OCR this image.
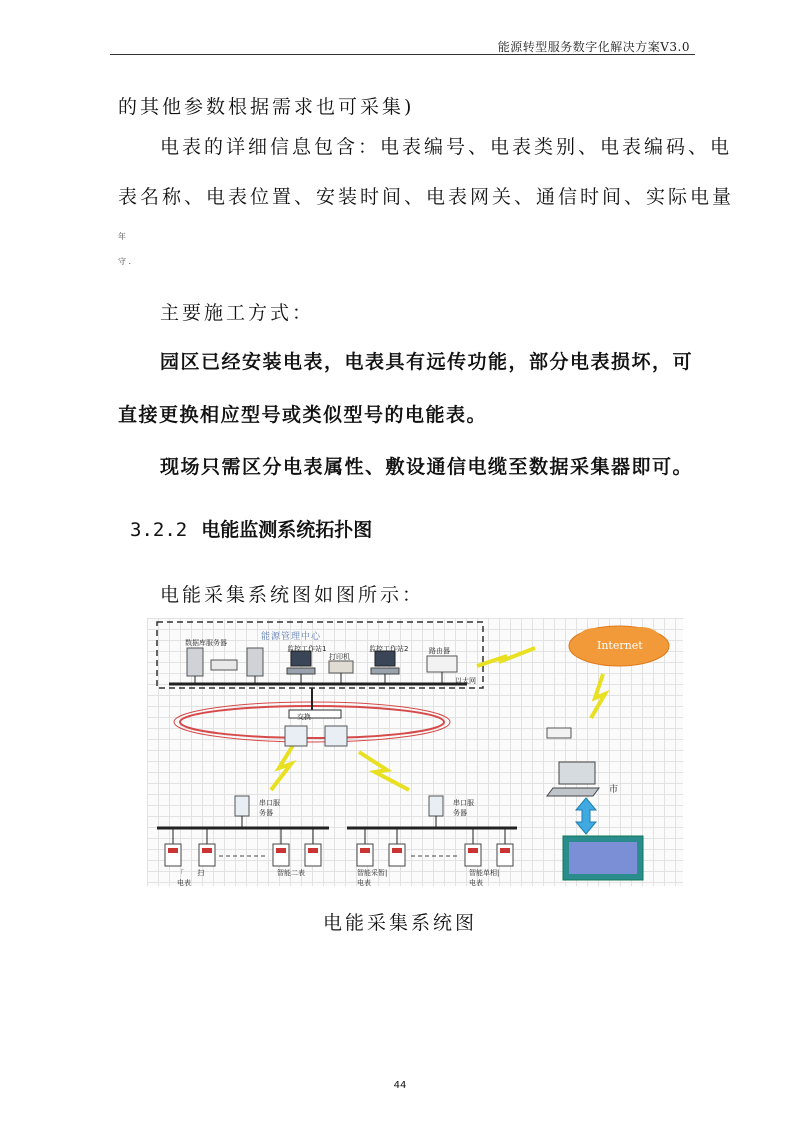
能源转型服务数字化解决方案V3.0
的其他参数根据需求也可采集)
电表的详细信息包含：电表编号、电表类别、电表编码、电
表名称、电表位置、安装时间、电表网关、通信时间、实际电量
年
守 .
主要施工方式：
园区已经安装电表，电表具有远传功能，部分电表损坏，可
直接更换相应型号或类似型号的电能表。
现场只需区分电表属性、敷设通信电缆至数据采集器即可。
3.2.2 电能监测系统拓扑图
电能采集系统图如图所示：
能源管理中心
数据库服务器
监控工作站1
打印机
监控工作站2	路由器
以太网
Internet
交换
串口服
务器
串口服
务器
市
「      扫
电表
智能二表	智能采暂|
电表
智能单相|
电表
电能采集系统图
44
